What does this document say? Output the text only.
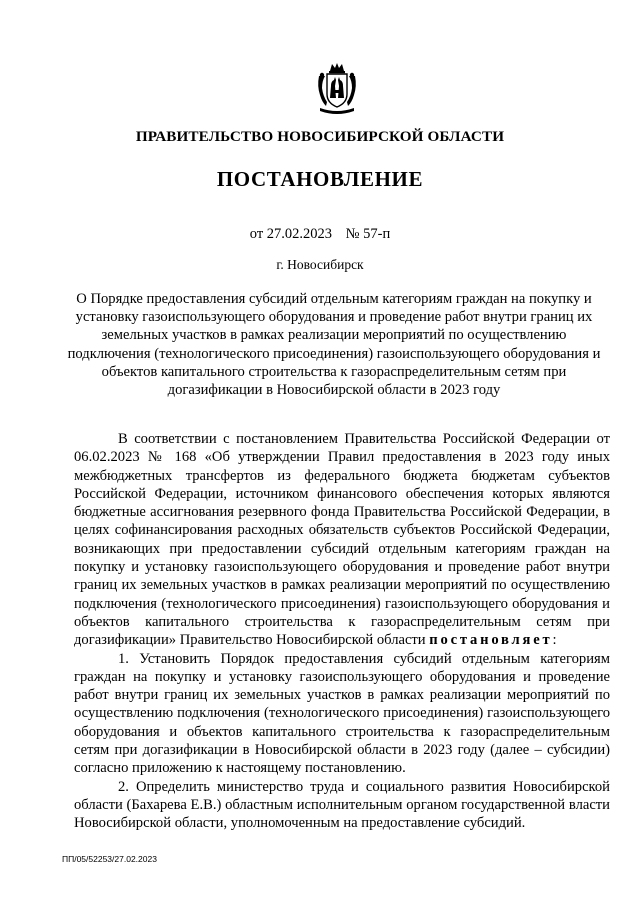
ПРАВИТЕЛЬСТВО НОВОСИБИРСКОЙ ОБЛАСТИ
ПОСТАНОВЛЕНИЕ
от 27.02.2023 № 57-п
г. Новосибирск
О Порядке предоставления субсидий отдельным категориям граждан на покупку и установку газоиспользующего оборудования и проведение работ внутри границ их земельных участков в рамках реализации мероприятий по осуществлению подключения (технологического присоединения) газоиспользующего оборудования и объектов капитального строительства к газораспределительным сетям при догазификации в Новосибирской области в 2023 году

В соответствии с постановлением Правительства Российской Федерации от 06.02.2023 № 168 «Об утверждении Правил предоставления в 2023 году иных межбюджетных трансфертов из федерального бюджета бюджетам субъектов Российской Федерации, источником финансового обеспечения которых являются бюджетные ассигнования резервного фонда Правительства Российской Федерации, в целях софинансирования расходных обязательств субъектов Российской Федерации, возникающих при предоставлении субсидий отдельным категориям граждан на покупку и установку газоиспользующего оборудования и проведение работ внутри границ их земельных участков в рамках реализации мероприятий по осуществлению подключения (технологического присоединения) газоиспользующего оборудования и объектов капитального строительства к газораспределительным сетям при догазификации» Правительство Новосибирской области постановляет:

1. Установить Порядок предоставления субсидий отдельным категориям граждан на покупку и установку газоиспользующего оборудования и проведение работ внутри границ их земельных участков в рамках реализации мероприятий по осуществлению подключения (технологического присоединения) газоиспользующего оборудования и объектов капитального строительства к газораспределительным сетям при догазификации в Новосибирской области в 2023 году (далее – субсидии) согласно приложению к настоящему постановлению.

2. Определить министерство труда и социального развития Новосибирской области (Бахарева Е.В.) областным исполнительным органом государственной власти Новосибирской области, уполномоченным на предоставление субсидий.

ПП/05/52253/27.02.2023
